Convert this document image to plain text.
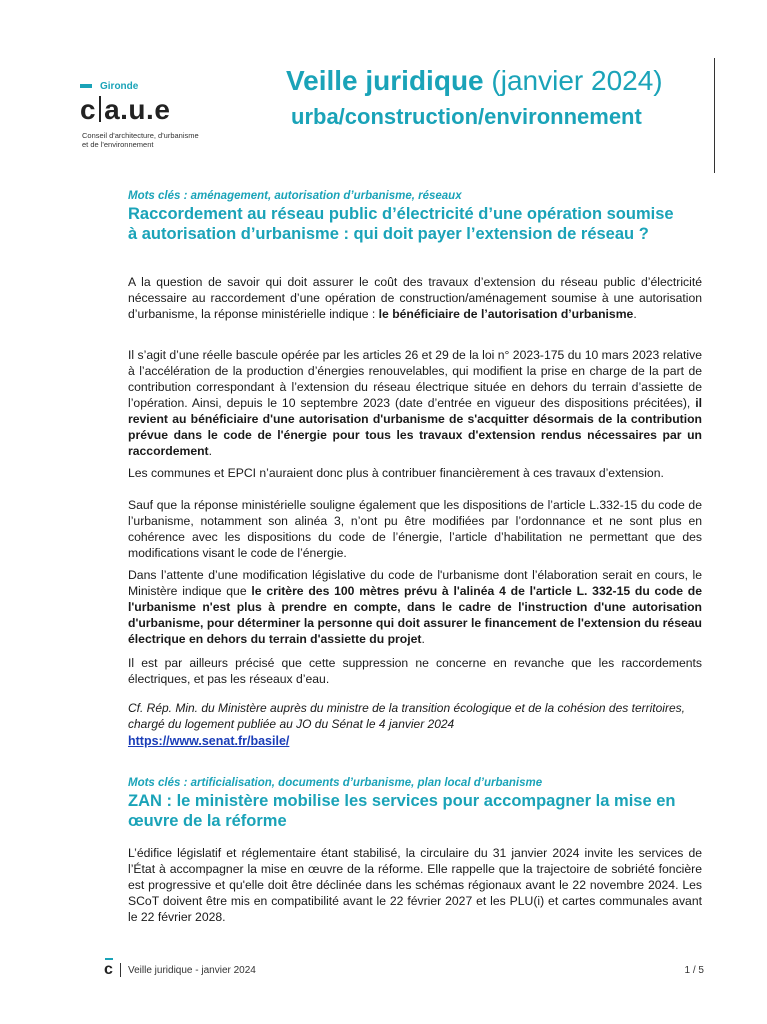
Gironde
c a.u.e
Conseil d'architecture, d'urbanisme
et de l'environnement
Veille juridique (janvier 2024)
urba/construction/environnement
Mots clés : aménagement, autorisation d’urbanisme, réseaux
Raccordement au réseau public d’électricité d’une opération soumise
à autorisation d’urbanisme : qui doit payer l’extension de réseau ?

A la question de savoir qui doit assurer le coût des travaux d’extension du réseau public d’électricité nécessaire au raccordement d’une opération de construction/aménagement soumise à une autorisation d’urbanisme, la réponse ministérielle indique : le bénéficiaire de l’autorisation d’urbanisme.

Il s’agit d’une réelle bascule opérée par les articles 26 et 29 de la loi n° 2023-175 du 10 mars 2023 relative à l’accélération de la production d’énergies renouvelables, qui modifient la prise en charge de la part de contribution correspondant à l’extension du réseau électrique située en dehors du terrain d’assiette de l’opération. Ainsi, depuis le 10 septembre 2023 (date d’entrée en vigueur des dispositions précitées), il revient au bénéficiaire d'une autorisation d'urbanisme de s'acquitter désormais de la contribution prévue dans le code de l'énergie pour tous les travaux d'extension rendus nécessaires par un raccordement.

Les communes et EPCI n’auraient donc plus à contribuer financièrement à ces travaux d’extension.

Sauf que la réponse ministérielle souligne également que les dispositions de l’article L.332-15 du code de l’urbanisme, notamment son alinéa 3, n’ont pu être modifiées par l’ordonnance et ne sont plus en cohérence avec les dispositions du code de l’énergie, l’article d’habilitation ne permettant que des modifications visant le code de l’énergie.

Dans l’attente d’une modification législative du code de l'urbanisme dont l’élaboration serait en cours, le Ministère indique que le critère des 100 mètres prévu à l'alinéa 4 de l'article L. 332-15 du code de l'urbanisme n'est plus à prendre en compte, dans le cadre de l'instruction d'une autorisation d'urbanisme, pour déterminer la personne qui doit assurer le financement de l'extension du réseau électrique en dehors du terrain d'assiette du projet.

Il est par ailleurs précisé que cette suppression ne concerne en revanche que les raccordements électriques, et pas les réseaux d’eau.

Cf. Rép. Min. du Ministère auprès du ministre de la transition écologique et de la cohésion des territoires,
chargé du logement publiée au JO du Sénat le 4 janvier 2024
https://www.senat.fr/basile/
Mots clés : artificialisation, documents d’urbanisme, plan local d’urbanisme
ZAN : le ministère mobilise les services pour accompagner la mise en
œuvre de la réforme

L’édifice législatif et réglementaire étant stabilisé, la circulaire du 31 janvier 2024 invite les services de l’État à accompagner la mise en œuvre de la réforme. Elle rappelle que la trajectoire de sobriété foncière est progressive et qu'elle doit être déclinée dans les schémas régionaux avant le 22 novembre 2024. Les SCoT doivent être mis en compatibilité avant le 22 février 2027 et les PLU(i) et cartes communales avant le 22 février 2028.

c Veille juridique - janvier 2024	1 / 5
